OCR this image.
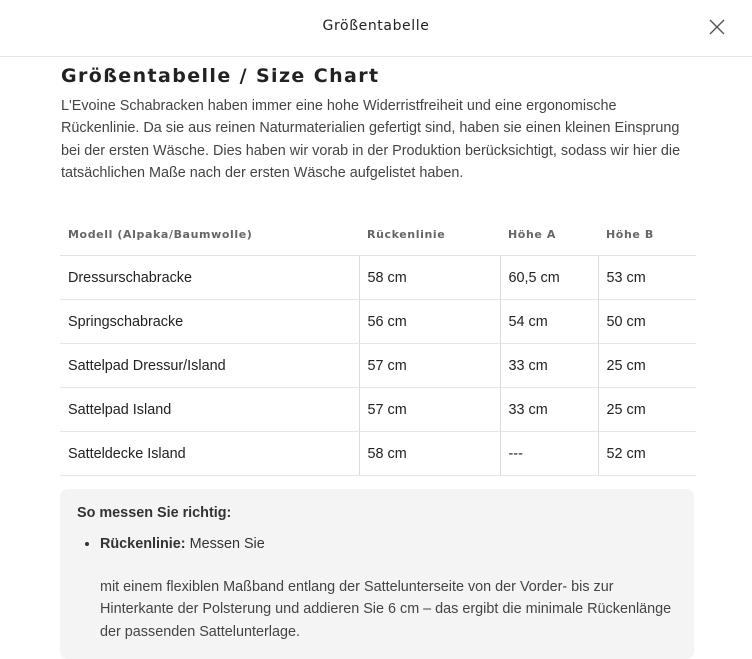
Größentabelle
Größentabelle / Size Chart

L'Evoine Schabracken haben immer eine hohe Widerristfreiheit und eine ergonomische Rückenlinie. Da sie aus reinen Naturmaterialien gefertigt sind, haben sie einen kleinen Einsprung bei der ersten Wäsche. Dies haben wir vorab in der Produktion berücksichtigt, sodass wir hier die tatsächlichen Maße nach der ersten Wäsche aufgelistet haben.

Modell (Alpaka/Baumwolle)	Rückenlinie	Höhe A	Höhe B
Dressurschabracke	58 cm	60,5 cm	53 cm
Springschabracke	56 cm	54 cm	50 cm
Sattelpad Dressur/Island	57 cm	33 cm	25 cm
Sattelpad Island	57 cm	33 cm	25 cm
Satteldecke Island	58 cm	---	52 cm

So messen Sie richtig:

• Rückenlinie: Messen Sie

mit einem flexiblen Maßband entlang der Sattelunterseite von der Vorder- bis zur Hinterkante der Polsterung und addieren Sie 6 cm – das ergibt die minimale Rückenlänge der passenden Sattelunterlage.
